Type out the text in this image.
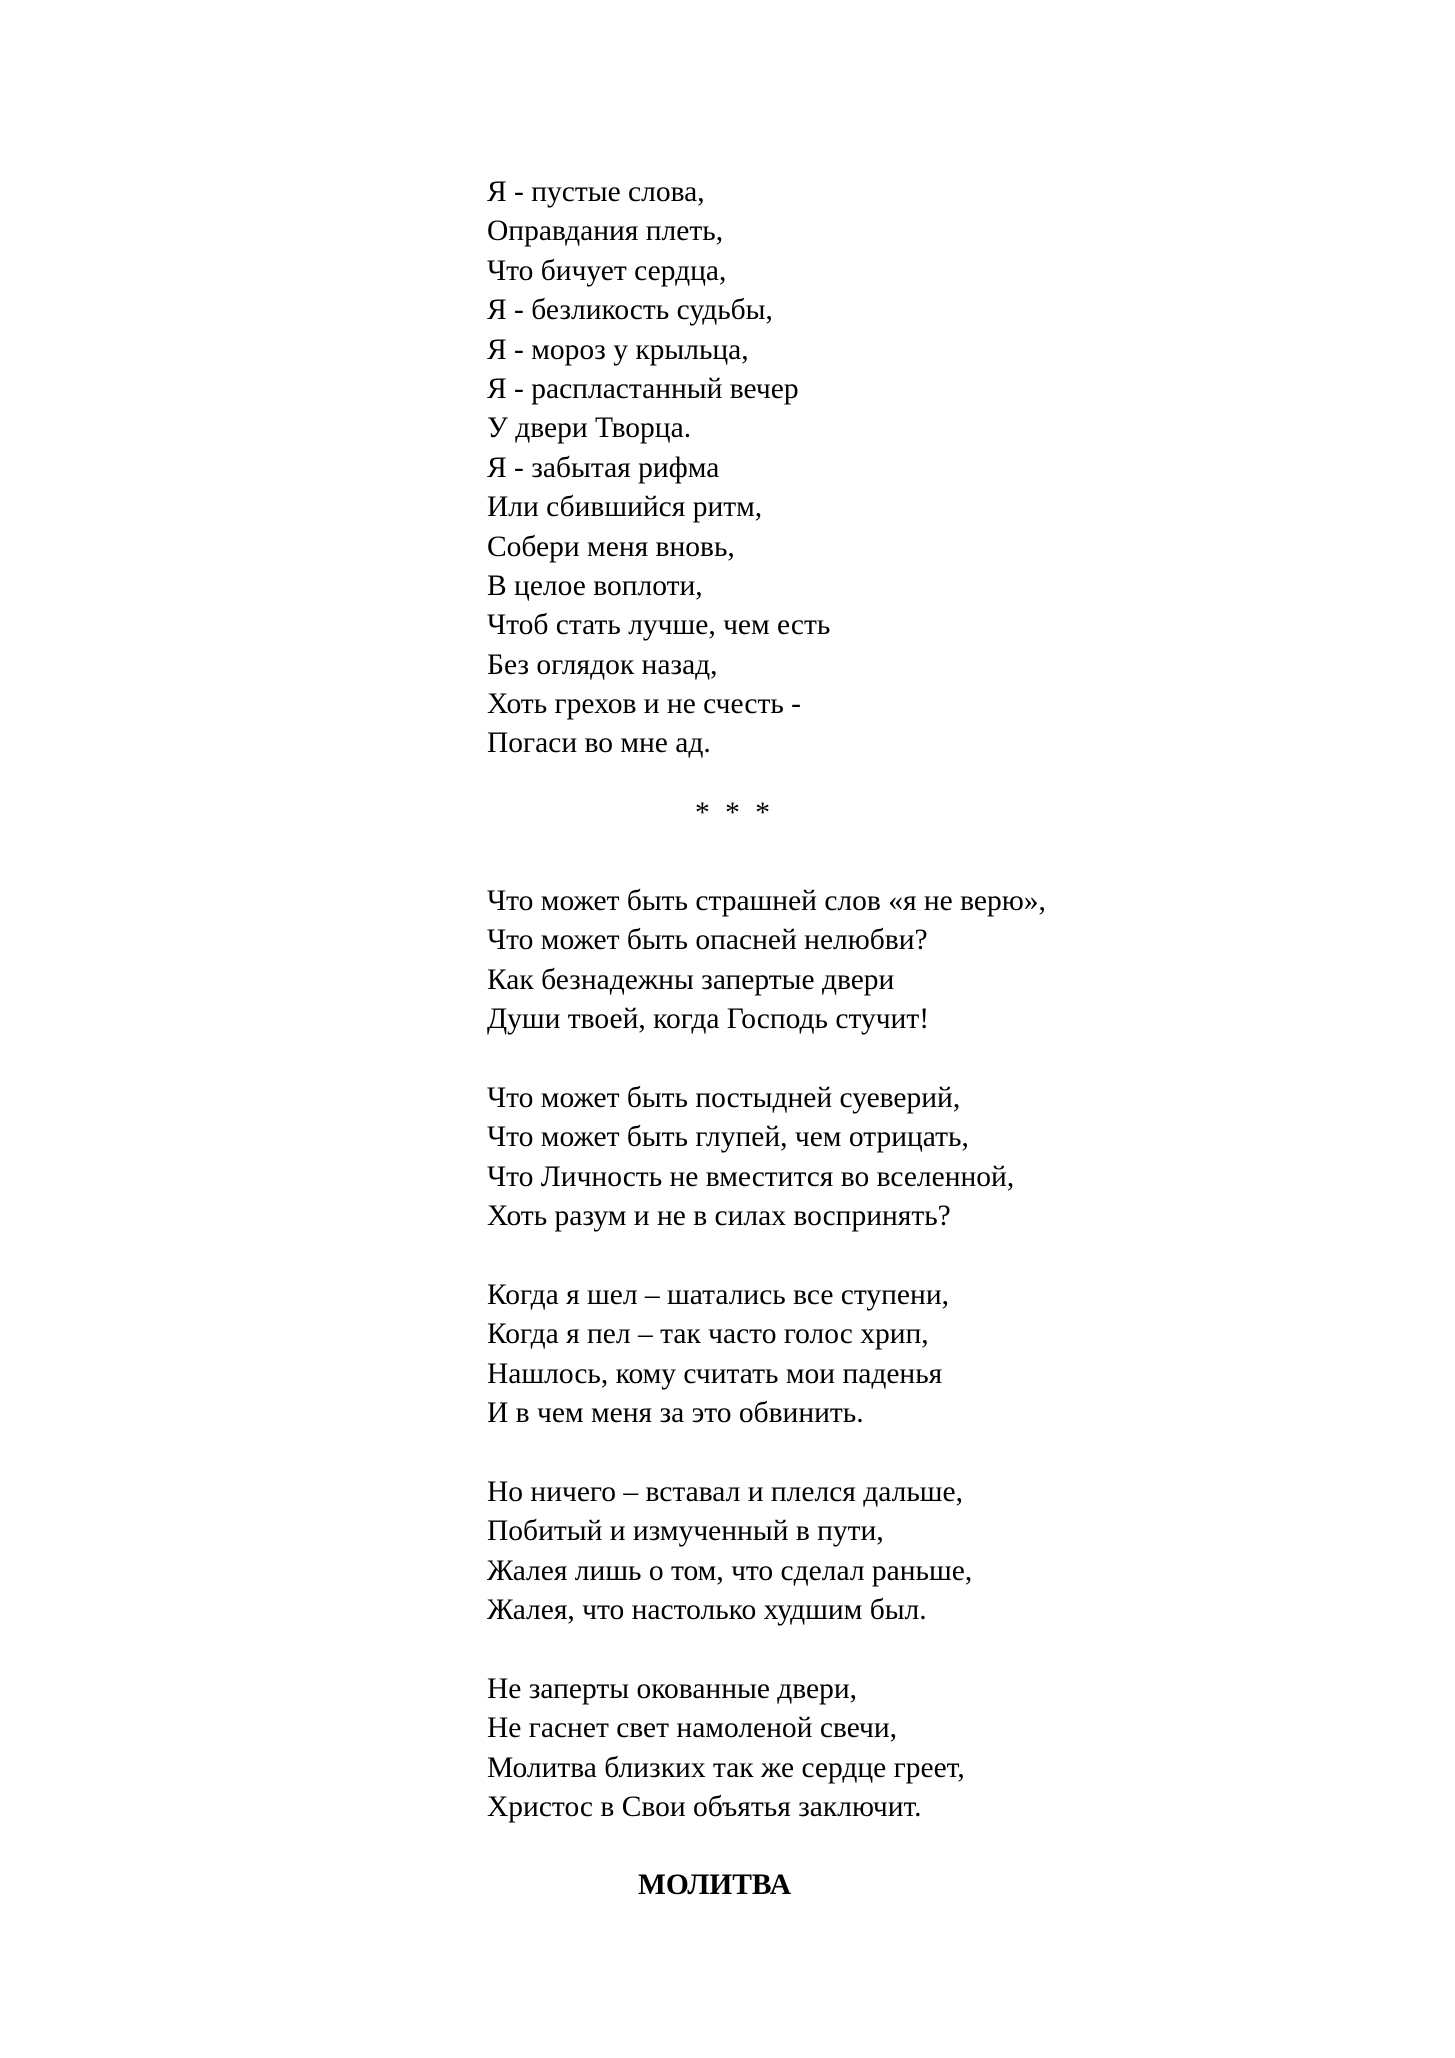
Я - пустые слова,
Оправдания плеть,
Что бичует сердца,
Я - безликость судьбы,
Я - мороз у крыльца,
Я - распластанный вечер
У двери Творца.
Я - забытая рифма
Или сбившийся ритм,
Собери меня вновь,
В целое воплоти,
Чтоб стать лучше, чем есть
Без оглядок назад,
Хоть грехов и не счесть -
Погаси во мне ад.
* * *
Что может быть страшней слов «я не верю»,
Что может быть опасней нелюбви?
Как безнадежны запертые двери
Души твоей, когда Господь стучит!
Что может быть постыдней суеверий,
Что может быть глупей, чем отрицать,
Что Личность не вместится во вселенной,
Хоть разум и не в силах воспринять?
Когда я шел – шатались все ступени,
Когда я пел – так часто голос хрип,
Нашлось, кому считать мои паденья
И в чем меня за это обвинить.
Но ничего – вставал и плелся дальше,
Побитый и измученный в пути,
Жалея лишь о том, что сделал раньше,
Жалея, что настолько худшим был.
Не заперты окованные двери,
Не гаснет свет намоленой свечи,
Молитва близких так же сердце греет,
Христос в Свои объятья заключит.
МОЛИТВА
